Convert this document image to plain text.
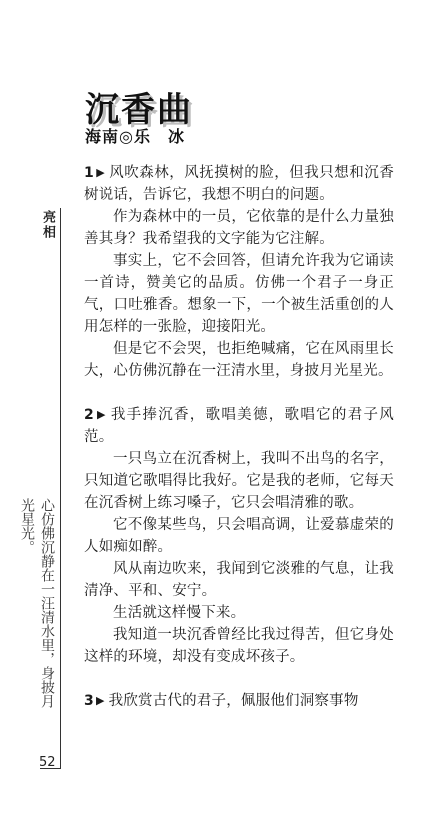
亮相
心仿佛沉静在一汪清水里，身披月光星光。
52
沉香曲
海南◎乐　冰

1 ▶ 风吹森林，风抚摸树的脸，但我只想和沉香树说话，告诉它，我想不明白的问题。

作为森林中的一员，它依靠的是什么力量独善其身？我希望我的文字能为它注解。

事实上，它不会回答，但请允许我为它诵读一首诗，赞美它的品质。仿佛一个君子一身正气，口吐雅香。想象一下，一个被生活重创的人用怎样的一张脸，迎接阳光。

但是它不会哭，也拒绝喊痛，它在风雨里长大，心仿佛沉静在一汪清水里，身披月光星光。

2 ▶ 我手捧沉香，歌唱美德，歌唱它的君子风范。

一只鸟立在沉香树上，我叫不出鸟的名字，只知道它歌唱得比我好。它是我的老师，它每天在沉香树上练习嗓子，它只会唱清雅的歌。

它不像某些鸟，只会唱高调，让爱慕虚荣的人如痴如醉。

风从南边吹来，我闻到它淡雅的气息，让我清净、平和、安宁。

生活就这样慢下来。

我知道一块沉香曾经比我过得苦，但它身处这样的环境，却没有变成坏孩子。

3 ▶ 我欣赏古代的君子，佩服他们洞察事物
